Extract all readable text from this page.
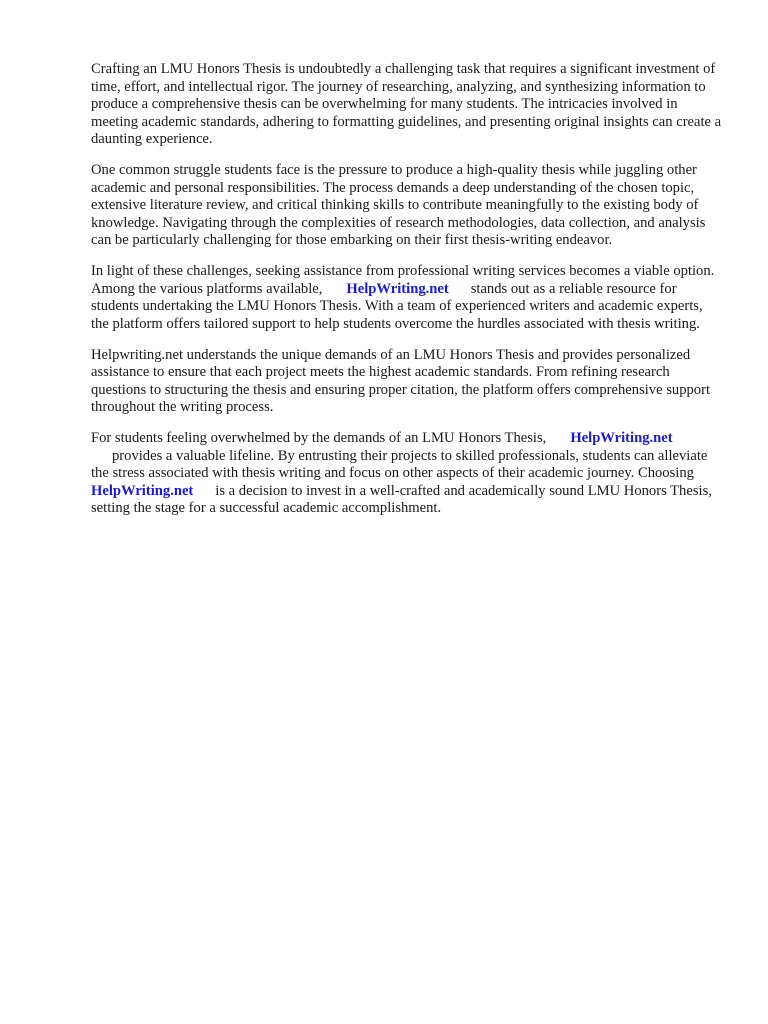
Crafting an LMU Honors Thesis is undoubtedly a challenging task that requires a significant investment of time, effort, and intellectual rigor. The journey of researching, analyzing, and synthesizing information to produce a comprehensive thesis can be overwhelming for many students. The intricacies involved in meeting academic standards, adhering to formatting guidelines, and presenting original insights can create a daunting experience.

One common struggle students face is the pressure to produce a high-quality thesis while juggling other academic and personal responsibilities. The process demands a deep understanding of the chosen topic, extensive literature review, and critical thinking skills to contribute meaningfully to the existing body of knowledge. Navigating through the complexities of research methodologies, data collection, and analysis can be particularly challenging for those embarking on their first thesis-writing endeavor.

In light of these challenges, seeking assistance from professional writing services becomes a viable option. Among the various platforms available, HelpWriting.net stands out as a reliable resource for students undertaking the LMU Honors Thesis. With a team of experienced writers and academic experts, the platform offers tailored support to help students overcome the hurdles associated with thesis writing.

Helpwriting.net understands the unique demands of an LMU Honors Thesis and provides personalized assistance to ensure that each project meets the highest academic standards. From refining research questions to structuring the thesis and ensuring proper citation, the platform offers comprehensive support throughout the writing process.

For students feeling overwhelmed by the demands of an LMU Honors Thesis, HelpWriting.net
provides a valuable lifeline. By entrusting their projects to skilled professionals, students can alleviate the stress associated with thesis writing and focus on other aspects of their academic journey. ChoosingHelpWriting.net is a decision to invest in a well-crafted and academically sound LMU Honors Thesis, setting the stage for a successful academic accomplishment.
